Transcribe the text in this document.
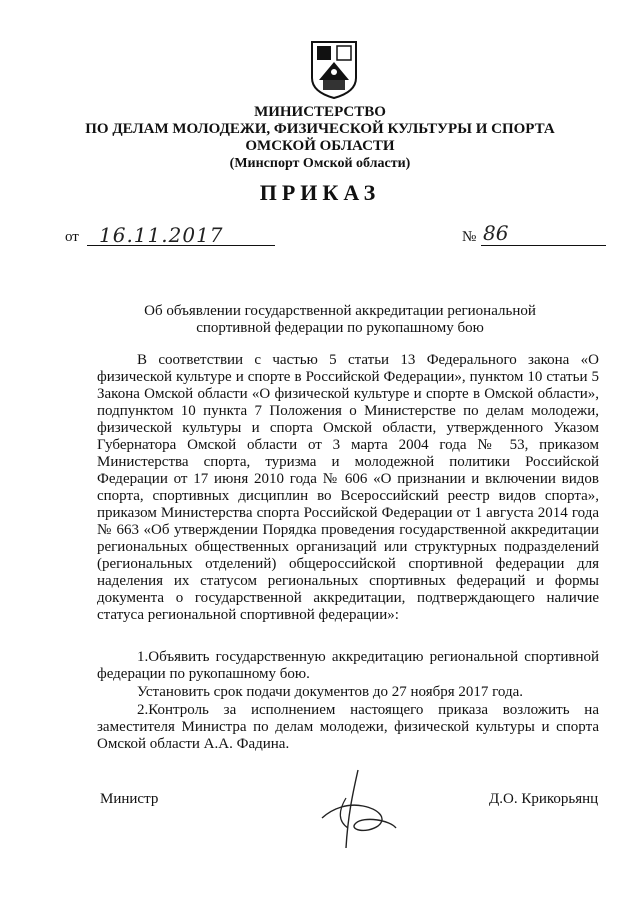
МИНИСТЕРСТВО
ПО ДЕЛАМ МОЛОДЕЖИ, ФИЗИЧЕСКОЙ КУЛЬТУРЫ И СПОРТА
ОМСКОЙ ОБЛАСТИ
(Минспорт Омской области)
ПРИКАЗ
от 16.11.2017	№ 86
Об объявлении государственной аккредитации региональной спортивной федерации по рукопашному бою
В соответствии с частью 5 статьи 13 Федерального закона «О физической культуре и спорте в Российской Федерации», пунктом 10 статьи 5 Закона Омской области «О физической культуре и спорте в Омской области», подпунктом 10 пункта 7 Положения о Министерстве по делам молодежи, физической культуры и спорта Омской области, утвержденного Указом Губернатора Омской области от 3 марта 2004 года № 53, приказом Министерства спорта, туризма и молодежной политики Российской Федерации от 17 июня 2010 года № 606 «О признании и включении видов спорта, спортивных дисциплин во Всероссийский реестр видов спорта», приказом Министерства спорта Российской Федерации от 1 августа 2014 года № 663 «Об утверждении Порядка проведения государственной аккредитации региональных общественных организаций или структурных подразделений (региональных отделений) общероссийской спортивной федерации для наделения их статусом региональных спортивных федераций и формы документа о государственной аккредитации, подтверждающего наличие статуса региональной спортивной федерации»:
1.Объявить государственную аккредитацию региональной спортивной федерации по рукопашному бою.
Установить срок подачи документов до 27 ноября 2017 года.
2.Контроль за исполнением настоящего приказа возложить на заместителя Министра по делам молодежи, физической культуры и спорта Омской области А.А. Фадина.
Министр	Д.О. Крикорьянц
